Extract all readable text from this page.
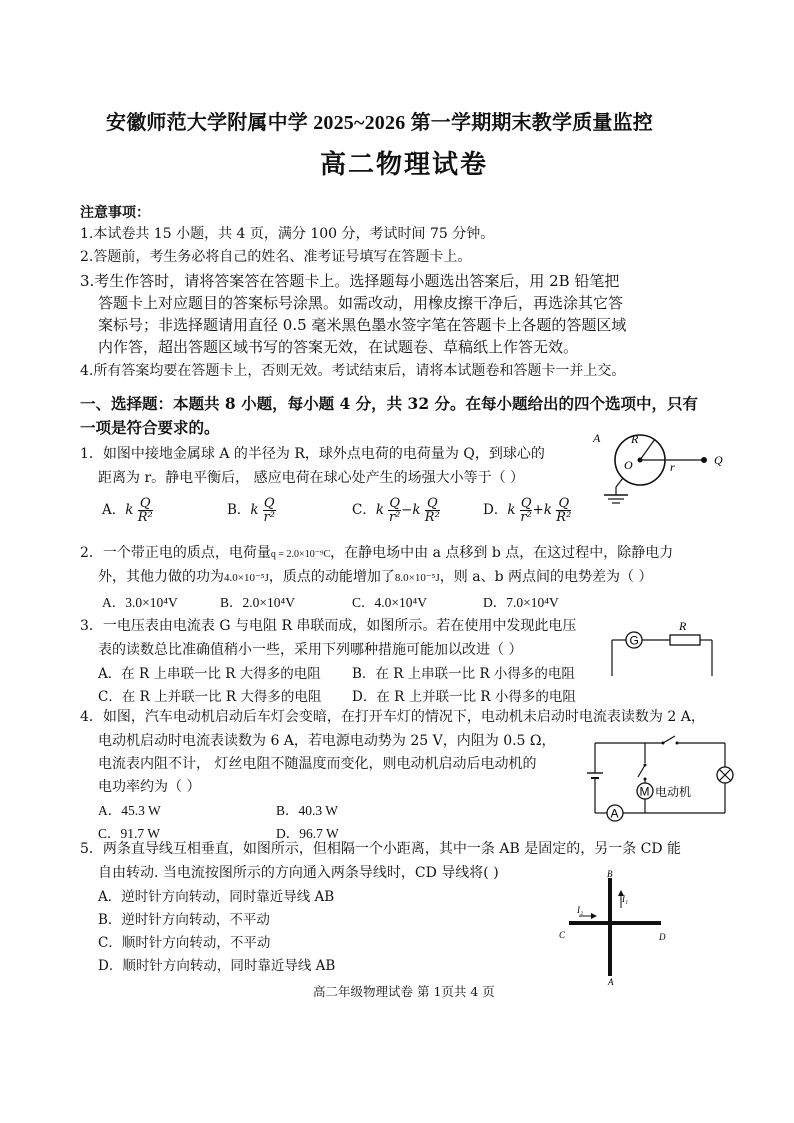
安徽师范大学附属中学 2025~2026 第一学期期末教学质量监控
高二物理试卷
注意事项：
1.本试卷共 15 小题，共 4 页，满分 100 分，考试时间 75 分钟。
2.答题前，考生务必将自己的姓名、准考证号填写在答题卡上。
3.考生作答时，请将答案答在答题卡上。选择题每小题选出答案后，用 2B 铅笔把
答题卡上对应题目的答案标号涂黑。如需改动，用橡皮擦干净后，再选涂其它答
案标号；非选择题请用直径 0.5 毫米黑色墨水签字笔在答题卡上各题的答题区域
内作答，超出答题区域书写的答案无效，在试题卷、草稿纸上作答无效。
4.所有答案均要在答题卡上，否则无效。考试结束后，请将本试题卷和答题卡一并上交。
一、选择题：本题共 8 小题，每小题 4 分，共 32 分。在每小题给出的四个选项中，只有
一项是符合要求的。
1．如图中接地金属球 A 的半径为 R，球外点电荷的电荷量为 Q，到球心的
距离为 r。静电平衡后， 感应电荷在球心处产生的场强大小等于（ ）
A	R
O	r	Q
A．k $\frac{Q}{\text{R²}}$	B．k $\frac{Q}{\text{r²}}$	C．k $\frac{Q}{\text{r²}} -k \frac{Q}{\text{R²}}$	D．k $\frac{Q}{\text{r²}} +k \frac{Q}{\text{R²}}$
2．一个带正电的质点，电荷量q = 2.0×10⁻⁹C，在静电场中由 a 点移到 b 点，在这过程中，除静电力
外，其他力做的功为4.0×10⁻⁵J，质点的动能增加了8.0×10⁻⁵J，则 a、b 两点间的电势差为（ ）
A．3.0×10⁴V	B．2.0×10⁴V	C．4.0×10⁴V	D．7.0×10⁴V
3．一电压表由电流表 G 与电阻 R 串联而成，如图所示。若在使用中发现此电压
表的读数总比准确值稍小一些，采用下列哪种措施可能加以改进（ ）
A．在 R 上串联一比 R 大得多的电阻 B．在 R 上串联一比 R 小得多的电阻
C．在 R 上并联一比 R 大得多的电阻 D．在 R 上并联一比 R 小得多的电阻
G
R
4．如图，汽车电动机启动后车灯会变暗，在打开车灯的情况下，电动机未启动时电流表读数为 2 A，
电动机启动时电流表读数为 6 A，若电源电动势为 25 V，内阻为 0.5 Ω，
电流表内阻不计， 灯丝电阻不随温度而变化，则电动机启动后电动机的
电功率约为（ ）
A．45.3 W	B．40.3 W
C．91.7 W	D．96.7 W
M 电动机
A
5．两条直导线互相垂直，如图所示，但相隔一个小距离，其中一条 AB 是固定的，另一条 CD 能
自由转动. 当电流按图所示的方向通入两条导线时，CD 导线将( )
A．逆时针方向转动，同时靠近导线 AB
B．逆时针方向转动，不平动
C．顺时针方向转动，不平动
D．顺时针方向转动，同时靠近导线 AB
B
I₁
I₂
C	D
A
高二年级物理试卷 第 1页共 4 页
